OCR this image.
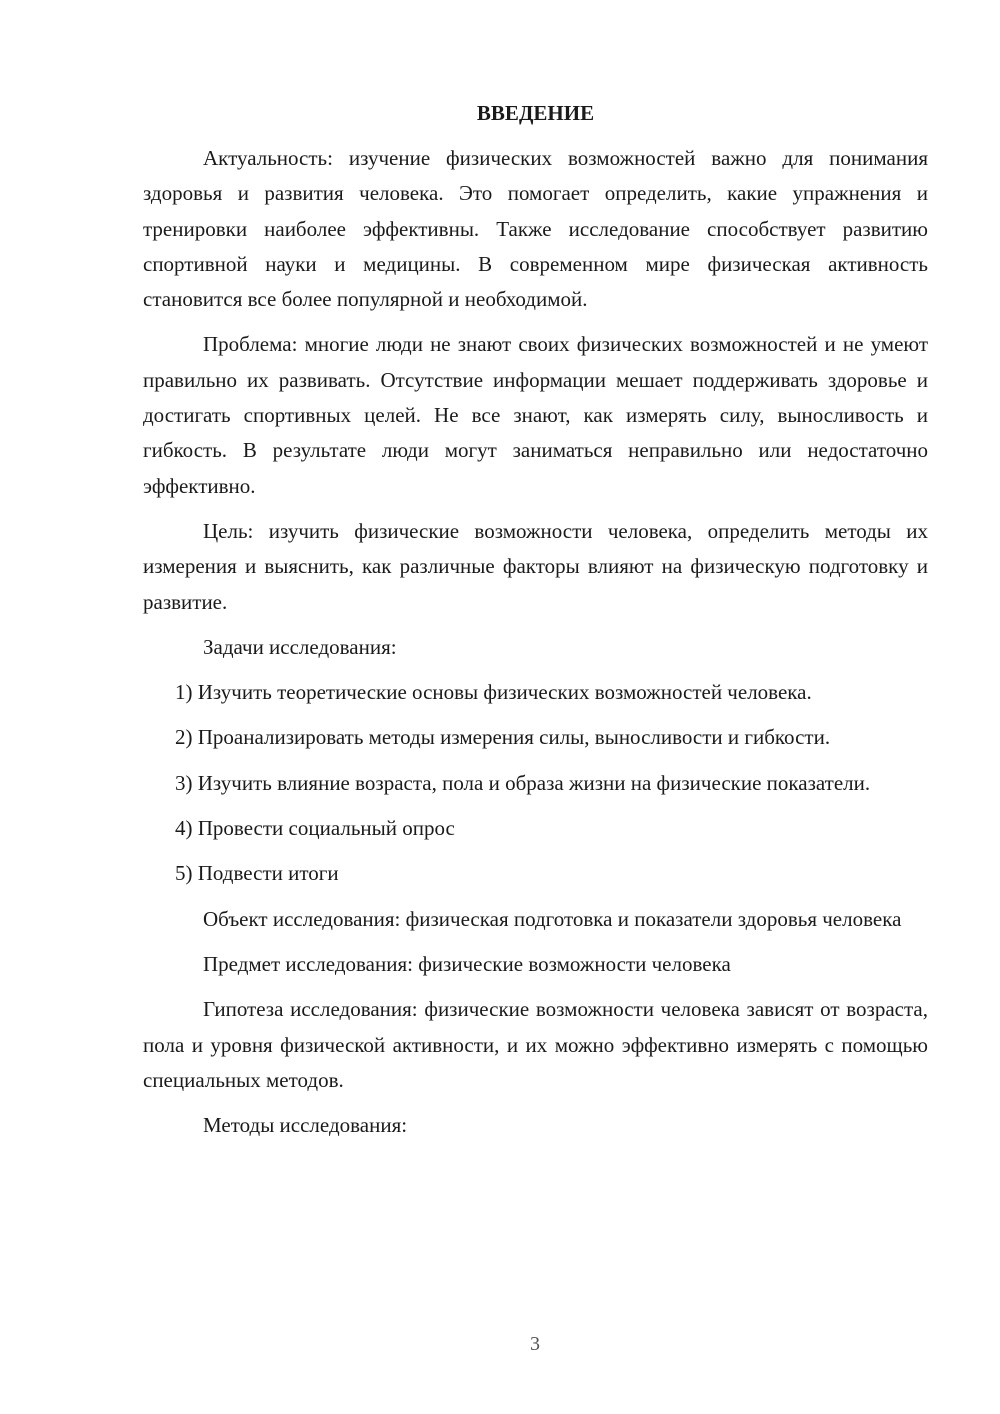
ВВЕДЕНИЕ

Актуальность: изучение физических возможностей важно для понимания здоровья и развития человека. Это помогает определить, какие упражнения и тренировки наиболее эффективны. Также исследование способствует развитию спортивной науки и медицины. В современном мире физическая активность становится все более популярной и необходимой.

Проблема: многие люди не знают своих физических возможностей и не умеют правильно их развивать. Отсутствие информации мешает поддерживать здоровье и достигать спортивных целей. Не все знают, как измерять силу, выносливость и гибкость. В результате люди могут заниматься неправильно или недостаточно эффективно.

Цель: изучить физические возможности человека, определить методы их измерения и выяснить, как различные факторы влияют на физическую подготовку и развитие.

Задачи исследования:

1) Изучить теоретические основы физических возможностей человека.

2) Проанализировать методы измерения силы, выносливости и гибкости.

3) Изучить влияние возраста, пола и образа жизни на физические показатели.

4) Провести социальный опрос

5) Подвести итоги

Объект исследования: физическая подготовка и показатели здоровья человека

Предмет исследования: физические возможности человека

Гипотеза исследования: физические возможности человека зависят от возраста, пола и уровня физической активности, и их можно эффективно измерять с помощью специальных методов.

Методы исследования:

3
